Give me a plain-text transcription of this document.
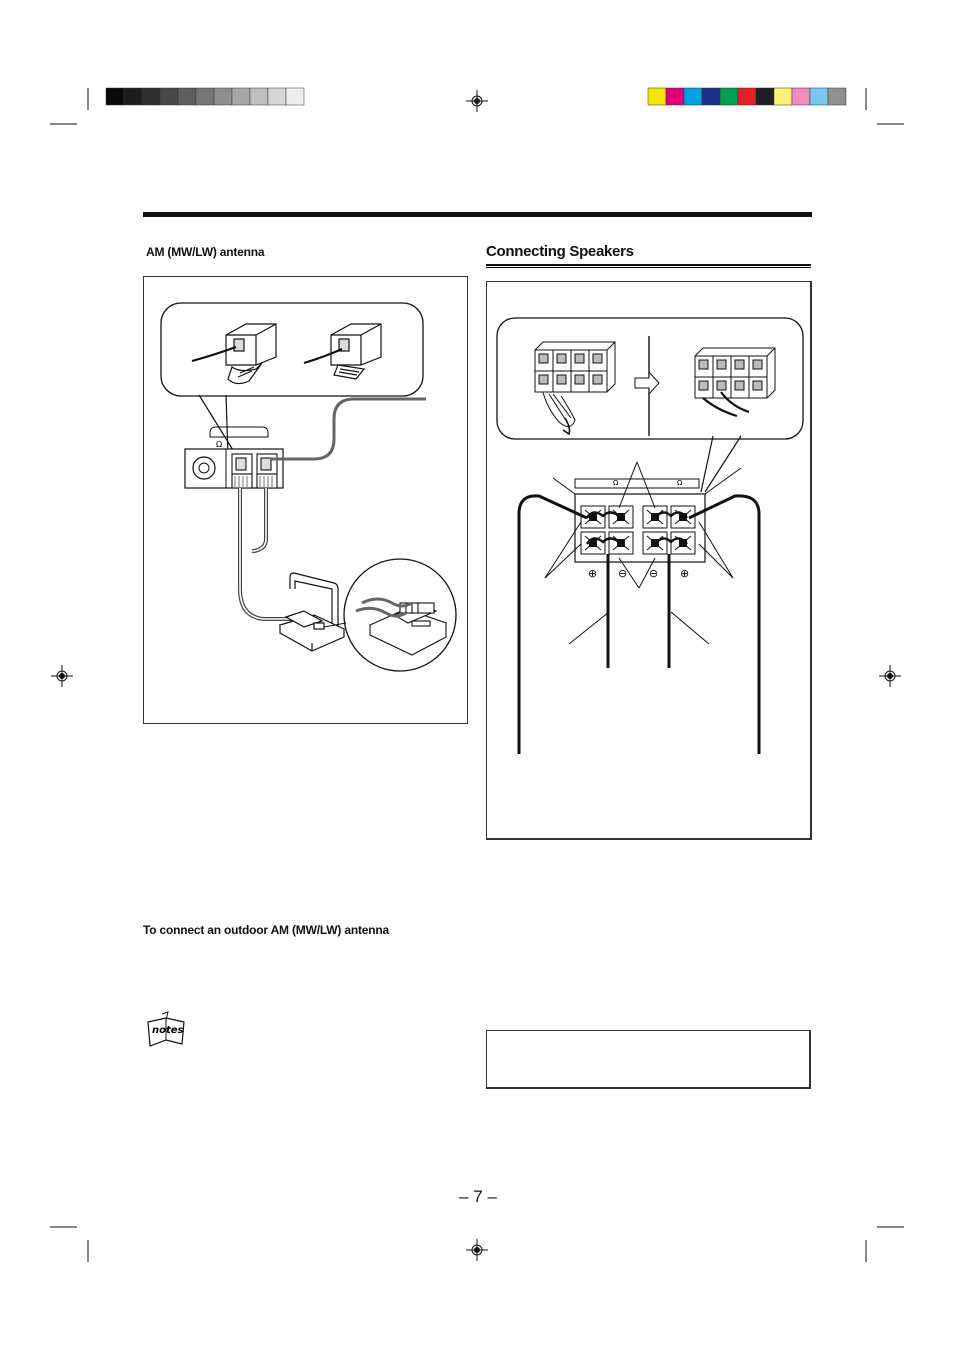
AM (MW/LW) antenna
Ω
To connect an outdoor AM (MW/LW) antenna
notes
Connecting Speakers
Ω	Ω
⊕ ⊖ ⊖ ⊕
– 7 –
